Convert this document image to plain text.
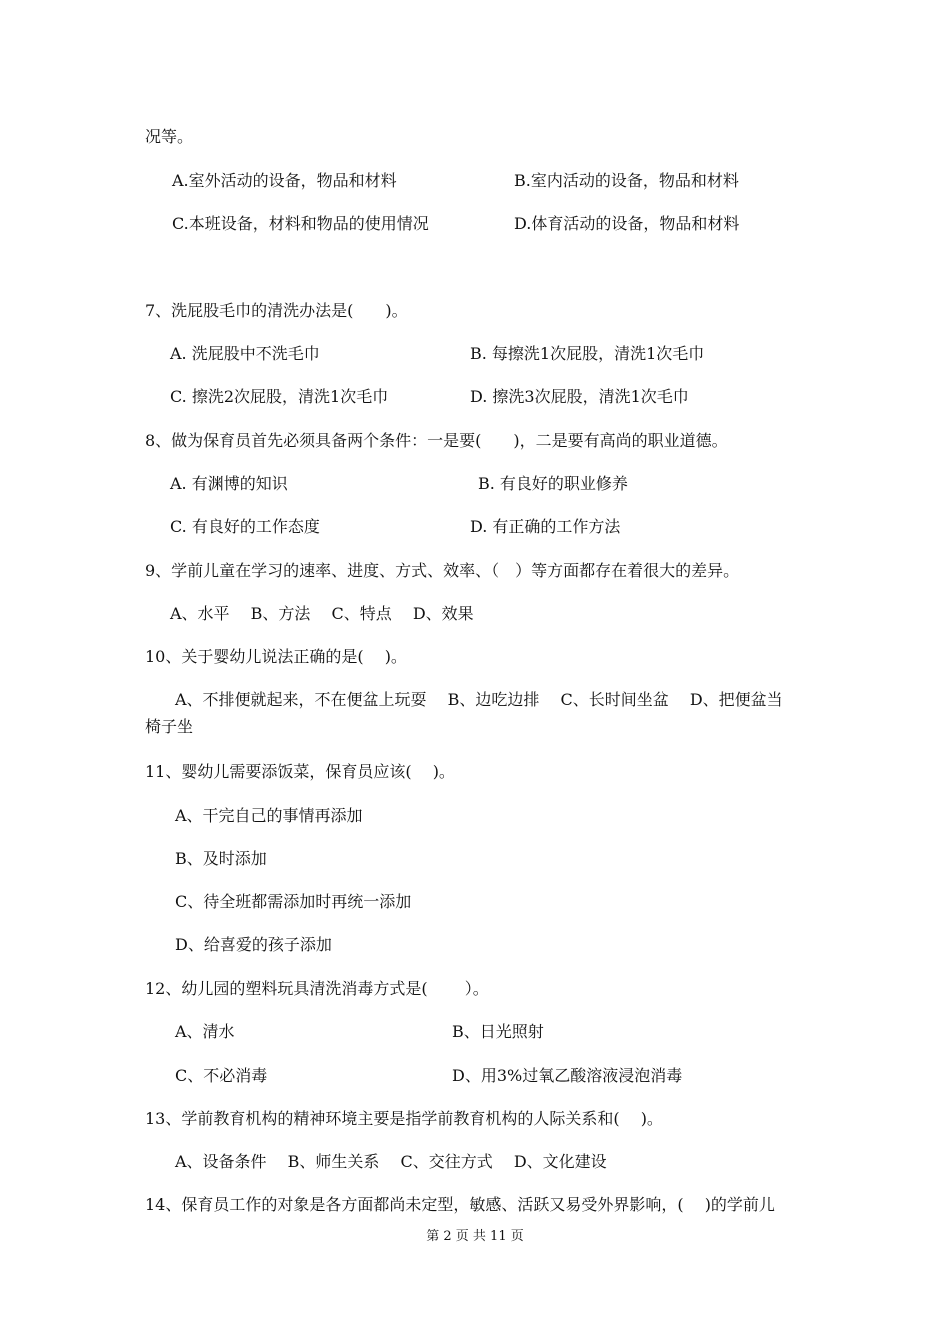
况等。
A.室外活动的设备，物品和材料	B.室内活动的设备，物品和材料
C.本班设备，材料和物品的使用情况	D.体育活动的设备，物品和材料
7、洗屁股毛巾的清洗办法是(　　)。
A. 洗屁股中不洗毛巾	B. 每擦洗1次屁股，清洗1次毛巾
C. 擦洗2次屁股，清洗1次毛巾	D. 擦洗3次屁股，清洗1次毛巾
8、做为保育员首先必须具备两个条件：一是要(　　)，二是要有高尚的职业道德。
A. 有渊博的知识	B. 有良好的职业修养
C. 有良好的工作态度	D. 有正确的工作方法
9、学前儿童在学习的速率、进度、方式、效率、（　）等方面都存在着很大的差异。
A、水平　 B、方法　 C、特点　 D、效果
10、关于婴幼儿说法正确的是(　 )。
A、不排便就起来，不在便盆上玩耍　 B、边吃边排　 C、长时间坐盆　 D、把便盆当
椅子坐
11、婴幼儿需要添饭菜，保育员应该(　 )。
A、干完自己的事情再添加
B、及时添加
C、待全班都需添加时再统一添加
D、给喜爱的孩子添加
12、幼儿园的塑料玩具清洗消毒方式是(　　 ）。
A、清水	B、日光照射
C、不必消毒	D、用3%过氧乙酸溶液浸泡消毒
13、学前教育机构的精神环境主要是指学前教育机构的人际关系和(　 )。
A、设备条件　 B、师生关系　 C、交往方式　 D、文化建设
14、保育员工作的对象是各方面都尚未定型，敏感、活跃又易受外界影响，(　 )的学前儿
第 2 页 共 11 页
